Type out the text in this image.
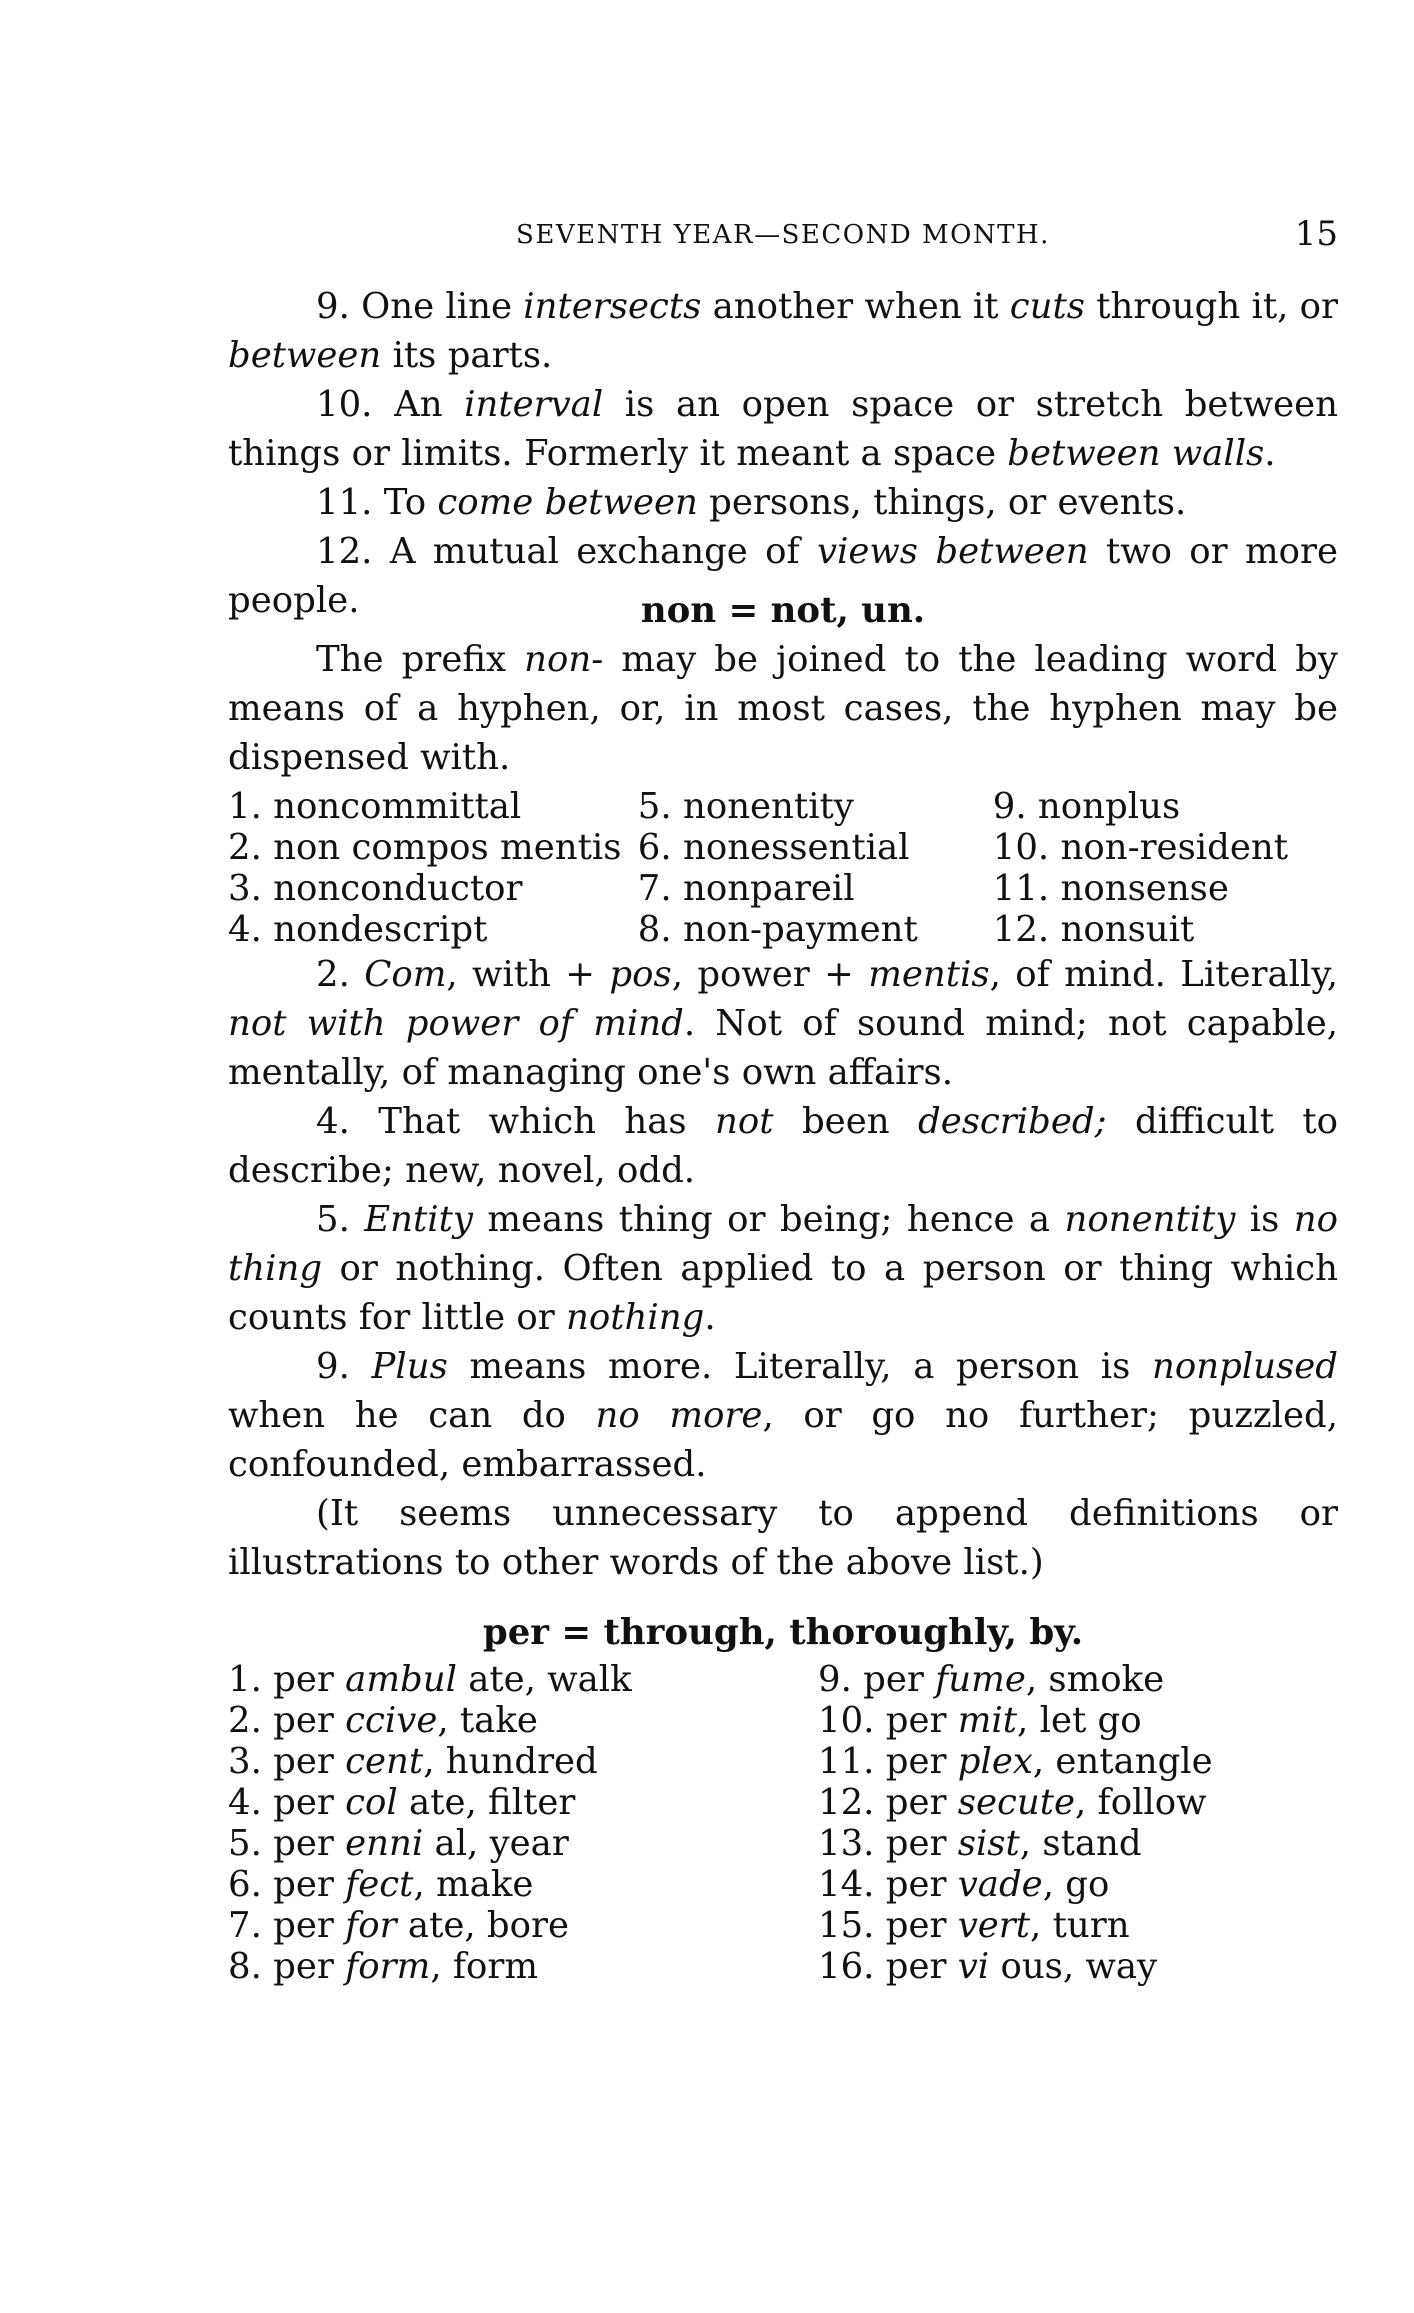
SEVENTH YEAR—SECOND MONTH.	15

9. One line intersects another when it cuts through it, or between its parts.

10. An interval is an open space or stretch between things or limits. Formerly it meant a space between walls.

11. To come between persons, things, or events.

12. A mutual exchange of views between two or more people.	non = not, un.

The prefix non- may be joined to the leading word by means of a hyphen, or, in most cases, the hyphen may be dispensed with.

1. noncommittal	5. nonentity	9. nonplus
2. non compos mentis	6. nonessential	10. non-resident
3. nonconductor	7. nonpareil	11. nonsense
4. nondescript	8. non-payment	12. nonsuit

2. Com, with + pos, power + mentis, of mind. Literally, not with power of mind. Not of sound mind; not capable, mentally, of managing one's own affairs.

4. That which has not been described; difficult to describe; new, novel, odd.

5. Entity means thing or being; hence a nonentity is no thing or nothing. Often applied to a person or thing which counts for little or nothing.

9. Plus means more. Literally, a person is nonplused when he can do no more, or go no further; puzzled, confounded, embarrassed.

(It seems unnecessary to append definitions or illustrations to other words of the above list.)

per = through, thoroughly, by.

1. per ambul ate, walk	9. per fume, smoke
2. per ccive, take	10. per mit, let go
3. per cent, hundred	11. per plex, entangle
4. per col ate, filter	12. per secute, follow
5. per enni al, year	13. per sist, stand
6. per fect, make	14. per vade, go
7. per for ate, bore	15. per vert, turn
8. per form, form	16. per vi ous, way
